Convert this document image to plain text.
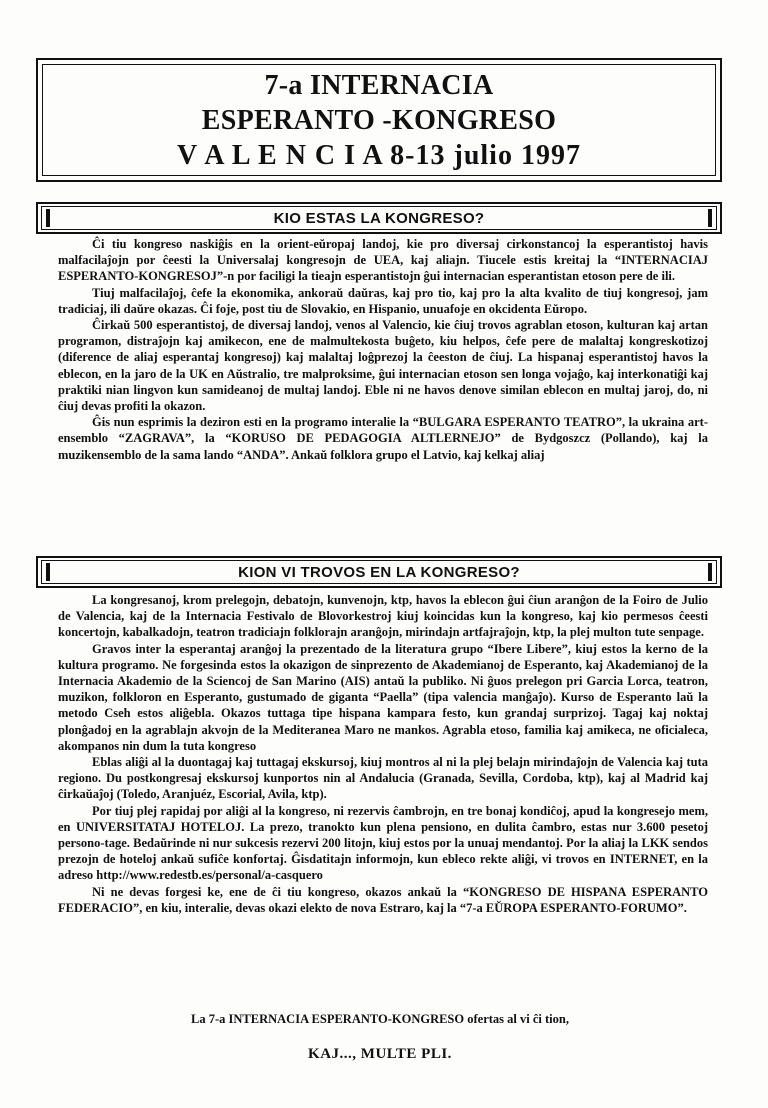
7-a INTERNACIA
ESPERANTO -KONGRESO
V A L E N C I A 8-13 julio 1997
KIO ESTAS LA KONGRESO?

Ĉi tiu kongreso naskiĝis en la orient-eŭropaj landoj, kie pro diversaj cirkonstancoj la esperantistoj havis malfacilaĵojn por ĉeesti la Universalaj kongresojn de UEA, kaj aliajn. Tiucele estis kreitaj la “INTERNACIAJ ESPERANTO-KONGRESOJ”-n por faciligi la tieajn esperantistojn ĝui internacian esperantistan etoson pere de ili.

Tiuj malfacilaĵoj, ĉefe la ekonomika, ankoraŭ daŭras, kaj pro tio, kaj pro la alta kvalito de tiuj kongresoj, jam tradiciaj, ili daŭre okazas. Ĉi foje, post tiu de Slovakio, en Hispanio, unuafoje en okcidenta Eŭropo.

Ĉirkaŭ 500 esperantistoj, de diversaj landoj, venos al Valencio, kie ĉiuj trovos agrablan etoson, kulturan kaj artan programon, distraĵojn kaj amikecon, ene de malmultekosta buĝeto, kiu helpos, ĉefe pere de malaltaj kongreskotizoj (diference de aliaj esperantaj kongresoj) kaj malaltaj loĝprezoj la ĉeeston de ĉiuj. La hispanaj esperantistoj havos la eblecon, en la jaro de la UK en Aŭstralio, tre malproksime, ĝui internacian etoson sen longa vojaĝo, kaj interkonatiĝi kaj praktiki nian lingvon kun samideanoj de multaj landoj. Eble ni ne havos denove similan eblecon en multaj jaroj, do, ni ĉiuj devas profiti la okazon.

Ĝis nun esprimis la deziron esti en la programo interalie la “BULGARA ESPERANTO TEATRO”, la ukraina art-ensemblo “ZAGRAVA”, la “KORUSO DE PEDAGOGIA ALTLERNEJO” de Bydgoszcz (Pollando), kaj la muzikensemblo de la sama lando “ANDA”. Ankaŭ folklora grupo el Latvio, kaj kelkaj aliaj

KION VI TROVOS EN LA KONGRESO?

La kongresanoj, krom prelegojn, debatojn, kunvenojn, ktp, havos la eblecon ĝui ĉiun aranĝon de la Foiro de Julio de Valencia, kaj de la Internacia Festivalo de Blovorkestroj kiuj koincidas kun la kongreso, kaj kio permesos ĉeesti koncertojn, kabalkadojn, teatron tradiciajn folklorajn aranĝojn, mirindajn artfajraĵojn, ktp, la plej multon tute senpage.

Gravos inter la esperantaj aranĝoj la prezentado de la literatura grupo “Ibere Libere”, kiuj estos la kerno de la kultura programo. Ne forgesinda estos la okazigon de sinprezento de Akademianoj de Esperanto, kaj Akademianoj de la Internacia Akademio de la Sciencoj de San Marino (AIS) antaŭ la publiko. Ni ĝuos prelegon pri Garcia Lorca, teatron, muzikon, folkloron en Esperanto, gustumado de giganta “Paella” (tipa valencia manĝaĵo). Kurso de Esperanto laŭ la metodo Cseh estos aliĝebla. Okazos tuttaga tipe hispana kampara festo, kun grandaj surprizoj. Tagaj kaj noktaj plonĝadoj en la agrablajn akvojn de la Mediteranea Maro ne mankos. Agrabla etoso, familia kaj amikeca, ne oficialeca, akompanos nin dum la tuta kongreso

Eblas aliĝi al la duontagaj kaj tuttagaj ekskursoj, kiuj montros al ni la plej belajn mirindaĵojn de Valencia kaj tuta regiono. Du postkongresaj ekskursoj kunportos nin al Andalucia (Granada, Sevilla, Cordoba, ktp), kaj al Madrid kaj ĉirkaŭaĵoj (Toledo, Aranjuéz, Escorial, Avila, ktp).

Por tiuj plej rapidaj por aliĝi al la kongreso, ni rezervis ĉambrojn, en tre bonaj kondiĉoj, apud la kongresejo mem, en UNIVERSITATAJ HOTELOJ. La prezo, tranokto kun plena pensiono, en dulita ĉambro, estas nur 3.600 pesetoj persono-tage. Bedaŭrinde ni nur sukcesis rezervi 200 litojn, kiuj estos por la unuaj mendantoj. Por la aliaj la LKK sendos prezojn de hoteloj ankaŭ sufiĉe konfortaj. Ĝisdatitajn informojn, kun ebleco rekte aliĝi, vi trovos en INTERNET, en la adreso http://www.redestb.es/personal/a-casquero

Ni ne devas forgesi ke, ene de ĉi tiu kongreso, okazos ankaŭ la “KONGRESO DE HISPANA ESPERANTO FEDERACIO”, en kiu, interalie, devas okazi elekto de nova Estraro, kaj la “7-a EŬROPA ESPERANTO-FORUMO”.

La 7-a INTERNACIA ESPERANTO-KONGRESO ofertas al vi ĉi tion,
KAJ..., MULTE PLI.
